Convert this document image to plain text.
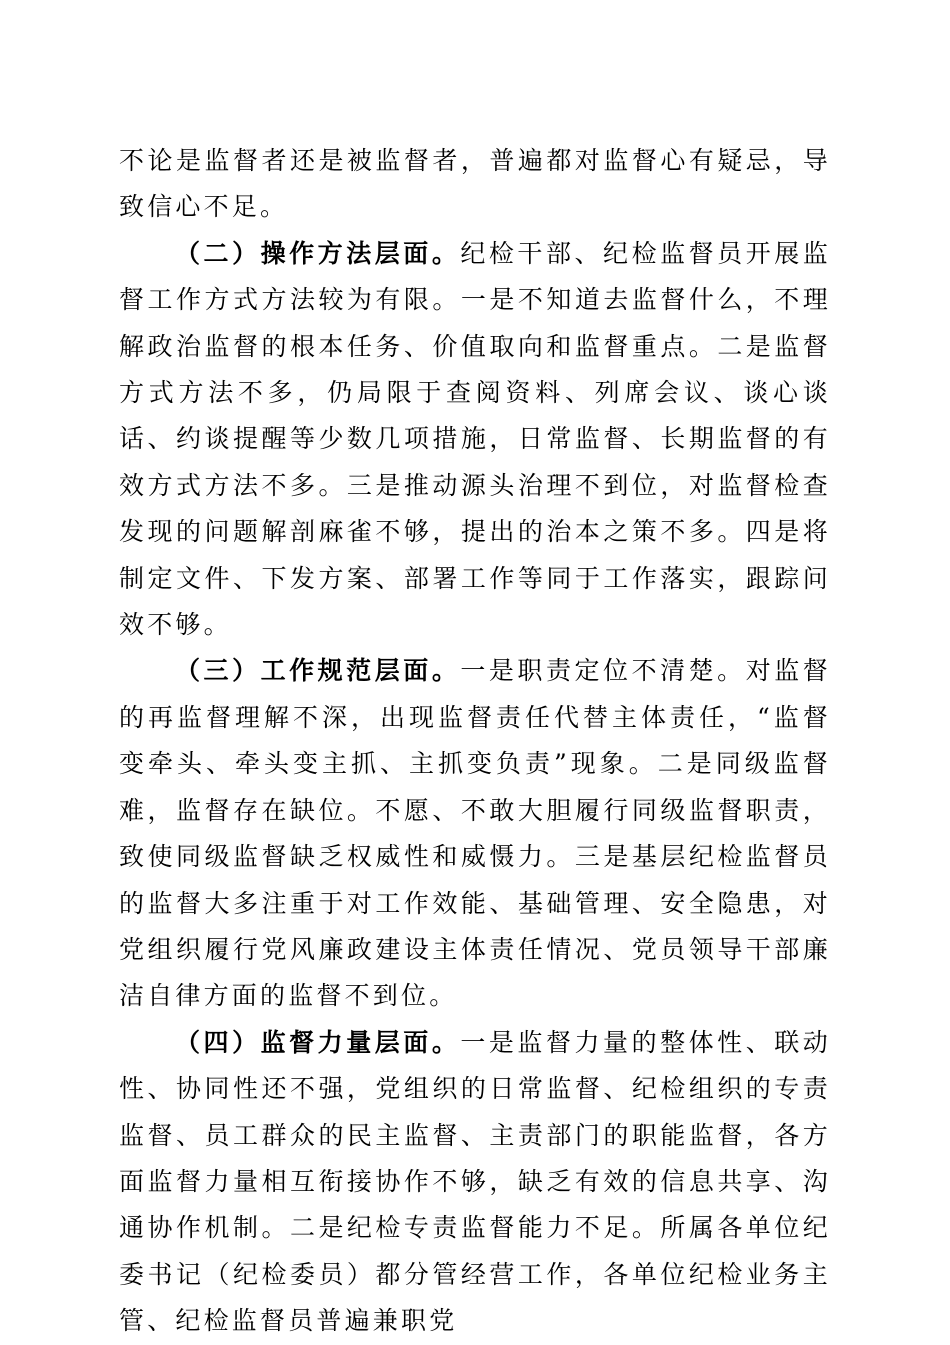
不论是监督者还是被监督者，普遍都对监督心有疑忌，导致信心不足。

（二）操作方法层面。纪检干部、纪检监督员开展监督工作方式方法较为有限。一是不知道去监督什么，不理解政治监督的根本任务、价值取向和监督重点。二是监督方式方法不多，仍局限于查阅资料、列席会议、谈心谈话、约谈提醒等少数几项措施，日常监督、长期监督的有效方式方法不多。三是推动源头治理不到位，对监督检查发现的问题解剖麻雀不够，提出的治本之策不多。四是将制定文件、下发方案、部署工作等同于工作落实，跟踪问效不够。

（三）工作规范层面。一是职责定位不清楚。对监督的再监督理解不深，出现监督责任代替主体责任，“监督变牵头、牵头变主抓、主抓变负责”现象。二是同级监督难，监督存在缺位。不愿、不敢大胆履行同级监督职责，致使同级监督缺乏权威性和威慑力。三是基层纪检监督员的监督大多注重于对工作效能、基础管理、安全隐患，对党组织履行党风廉政建设主体责任情况、党员领导干部廉洁自律方面的监督不到位。

（四）监督力量层面。一是监督力量的整体性、联动性、协同性还不强，党组织的日常监督、纪检组织的专责监督、员工群众的民主监督、主责部门的职能监督，各方面监督力量相互衔接协作不够，缺乏有效的信息共享、沟通协作机制。二是纪检专责监督能力不足。所属各单位纪委书记（纪检委员）都分管经营工作，各单位纪检业务主管、纪检监督员普遍兼职党
